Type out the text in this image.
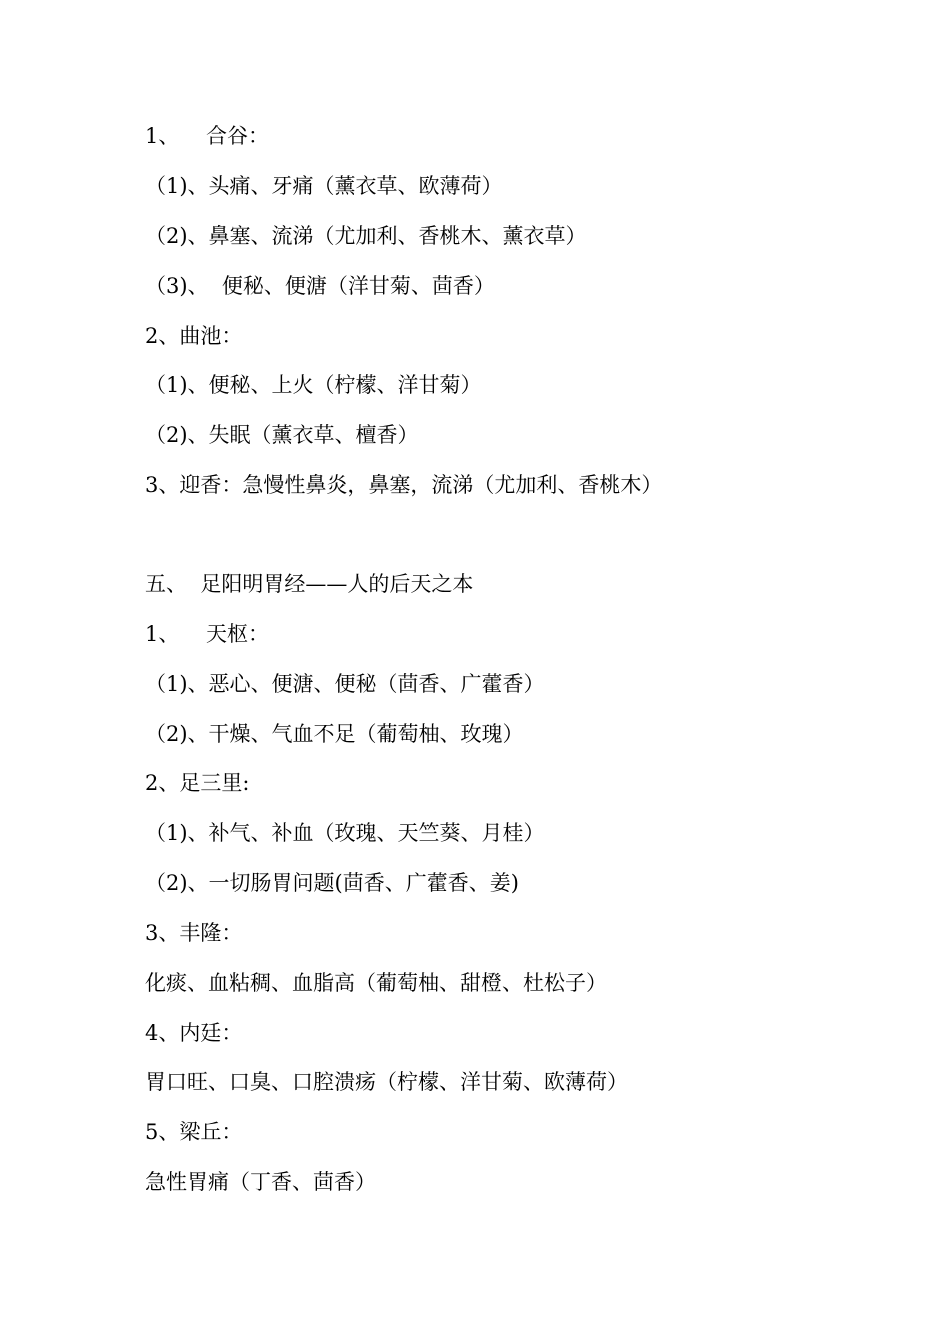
1、    合谷：
（1)、头痛、牙痛（薰衣草、欧薄荷）
（2)、鼻塞、流涕（尤加利、香桃木、薰衣草）
（3)、  便秘、便溏（洋甘菊、茴香）
2、曲池：
（1)、便秘、上火（柠檬、洋甘菊）
（2)、失眠（薰衣草、檀香）
3、迎香：急慢性鼻炎，鼻塞，流涕（尤加利、香桃木）
五、  足阳明胃经——人的后天之本
1、    天枢：
（1)、恶心、便溏、便秘（茴香、广藿香）
（2)、干燥、气血不足（葡萄柚、玫瑰）
2、足三里:
（1)、补气、补血（玫瑰、天竺葵、月桂）
（2)、一切肠胃问题(茴香、广藿香、姜)
3、丰隆：
化痰、血粘稠、血脂高（葡萄柚、甜橙、杜松子）
4、内廷：
胃口旺、口臭、口腔溃疡（柠檬、洋甘菊、欧薄荷）
5、梁丘：
急性胃痛（丁香、茴香）
